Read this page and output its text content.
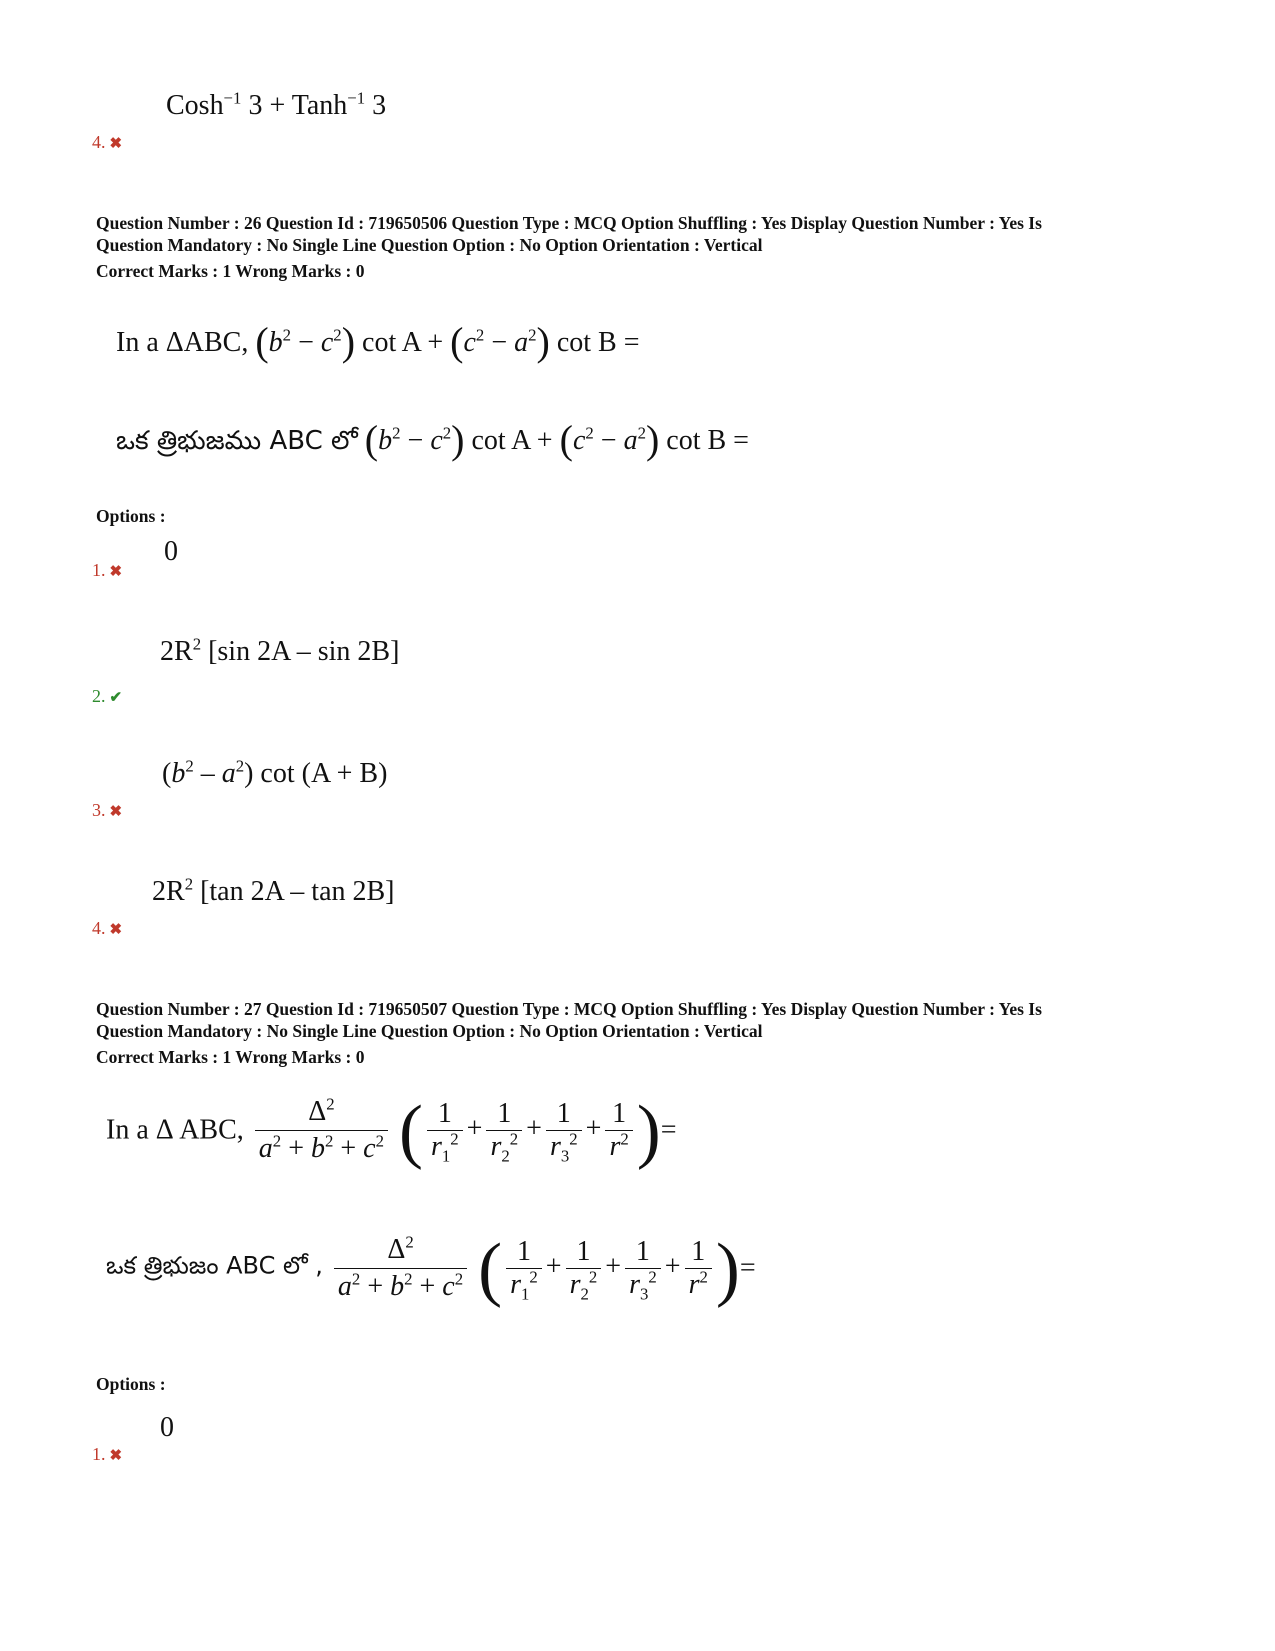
Cosh$^{-1}$ 3 + Tanh$^{-1}$ 3
4. ✖
Question Number : 26 Question Id : 719650506 Question Type : MCQ Option Shuffling : Yes Display Question Number : Yes Is
Question Mandatory : No Single Line Question Option : No Option Orientation : Vertical
Correct Marks : 1 Wrong Marks : 0
In a ΔABC, $(b^2 - c^2)$ $\cot A + (c^2 - a^2)$ cot B =
ఒక త్రిభుజము ABC లో $(b^2 - c^2)$ $\cot A + (c^2 - a^2)$ cot B =
Options :
0
1. ✖
$2R^2$ [sin 2A – sin 2B]
2. ✔
$(b^2 - a^2)$ cot (A + B)
3. ✖
$2R^2$ [tan 2A – tan 2B]
4. ✖
Question Number : 27 Question Id : 719650507 Question Type : MCQ Option Shuffling : Yes Display Question Number : Yes Is
Question Mandatory : No Single Line Question Option : No Option Orientation : Vertical
Correct Marks : 1 Wrong Marks : 0
In a Δ ABC, $\frac{\Delta^2}{a^2 + b^2 + c^2}$ ( $\frac{1}{r_1^2} + \frac{1}{r_2^2} + \frac{1}{r_3^2} + \frac{1}{r^2}$ )=
ఒక త్రిభుజం ABC లో , $\frac{\Delta^2}{a^2 + b^2 + c^2}$ ( $\frac{1}{r_1^2} + \frac{1}{r_2^2} + \frac{1}{r_3^2} + \frac{1}{r^2}$ )=
Options :
0
1. ✖
